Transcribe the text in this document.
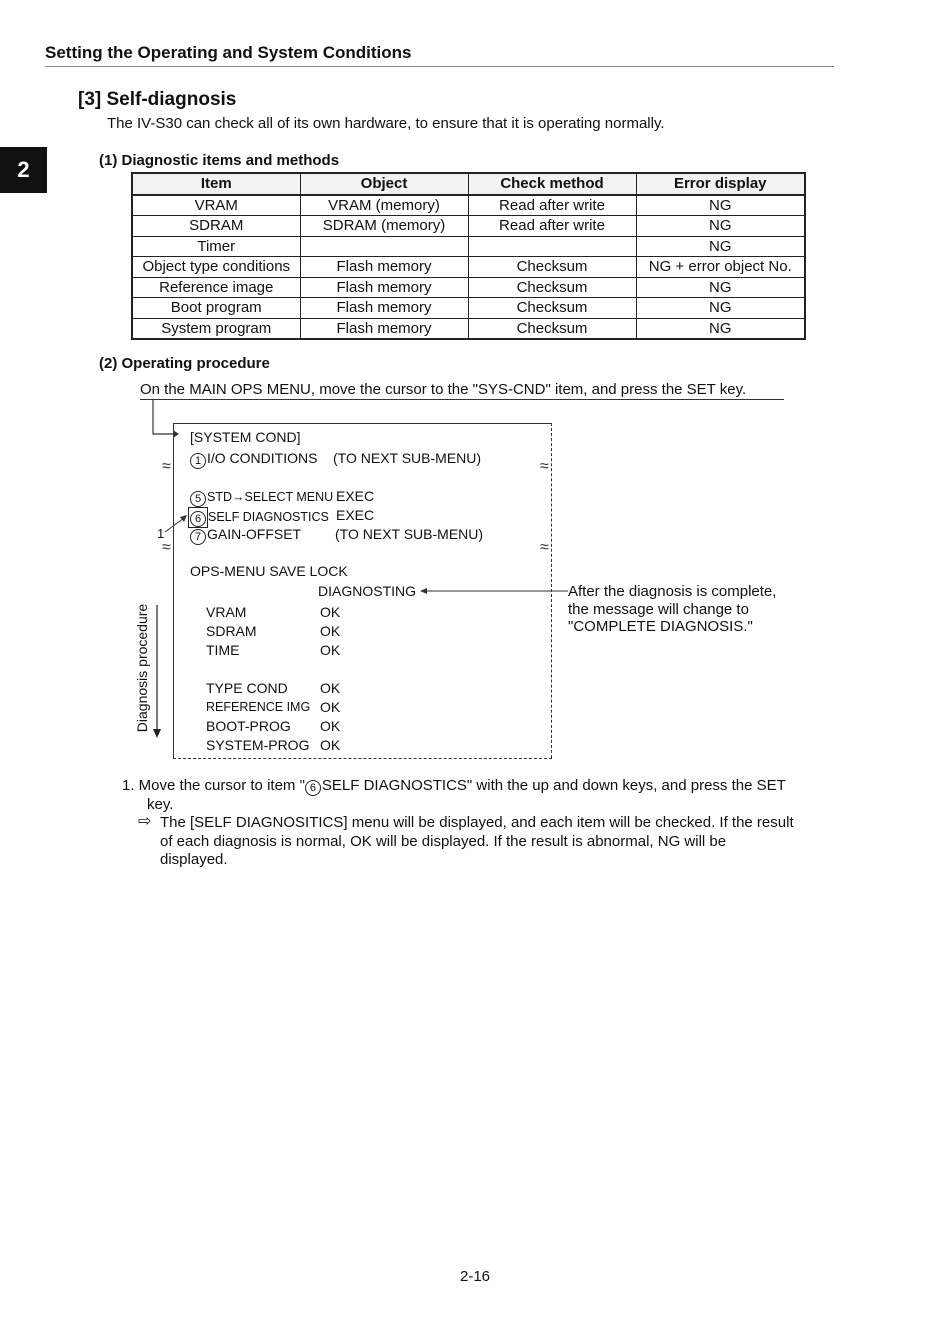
Setting the Operating and System Conditions
2
[3] Self-diagnosis
The IV-S30 can check all of its own hardware, to ensure that it is operating normally.
(1) Diagnostic items and methods
Item	Object	Check method	Error display
VRAM	VRAM (memory)	Read after write	NG
SDRAM	SDRAM (memory)	Read after write	NG
Timer			NG
Object type conditions	Flash memory	Checksum	NG + error object No.
Reference image	Flash memory	Checksum	NG
Boot program	Flash memory	Checksum	NG
System program	Flash memory	Checksum	NG
(2) Operating procedure
On the MAIN OPS MENU, move the cursor to the "SYS-CND" item, and press the SET key.
≈	≈
≈	≈
[SYSTEM COND]
1 I/O CONDITIONS (TO NEXT SUB-MENU)
5 STD→SELECT MENU EXEC
6 SELF DIAGNOSTICS EXEC
7 GAIN-OFFSET (TO NEXT SUB-MENU)
1
OPS-MENU SAVE LOCK
DIAGNOSTING	After the diagnosis is complete,
the message will change to
"COMPLETE DIAGNOSIS."
VRAM	OK
SDRAM	OK
TIME	OK
TYPE COND OK
REFERENCE IMG OK
BOOT-PROG OK
SYSTEM-PROG OK
Diagnosis procedure
1. Move the cursor to item " 6 SELF DIAGNOSTICS" with the up and down keys, and press the SET
key.
⇨ The [SELF DIAGNOSITICS] menu will be displayed, and each item will be checked. If the result
of each diagnosis is normal, OK will be displayed. If the result is abnormal, NG will be
displayed.
2-16
